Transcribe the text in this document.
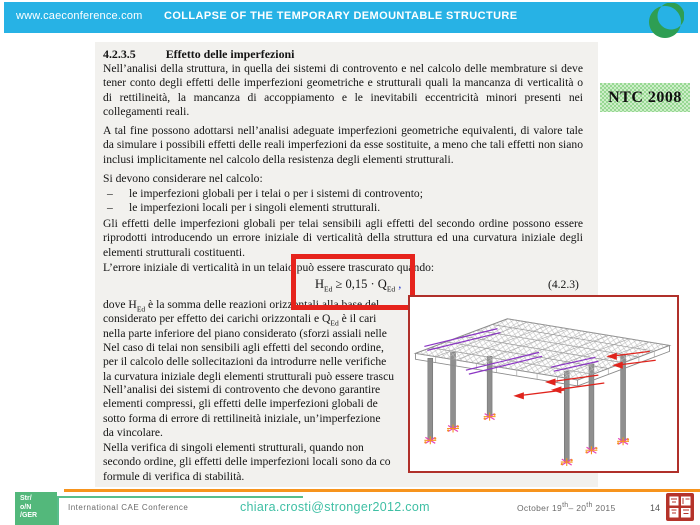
www.caeconference.com COLLAPSE OF THE TEMPORARY DEMOUNTABLE STRUCTURE
NTC 2008
4.2.3.5	Effetto delle imperfezioni
Nell’analisi della struttura, in quella dei sistemi di controvento e nel calcolo delle membrature si deve tener conto degli effetti delle imperfezioni geometriche e strutturali quali la mancanza di verticalità o di rettilineità, la mancanza di accoppiamento e le inevitabili eccentricità minori presenti nei collegamenti reali.
A tal fine possono adottarsi nell’analisi adeguate imperfezioni geometriche equivalenti, di valore tale da simulare i possibili effetti delle reali imperfezioni da esse sostituite, a meno che tali effetti non siano inclusi implicitamente nel calcolo della resistenza degli elementi strutturali.
Si devono considerare nel calcolo:
– le imperfezioni globali per i telai o per i sistemi di controvento;
– le imperfezioni locali per i singoli elementi strutturali.
Gli effetti delle imperfezioni globali per telai sensibili agli effetti del secondo ordine possono essere riprodotti introducendo un errore iniziale di verticalità della struttura ed una curvatura iniziale degli elementi strutturali costituenti.
L’errore iniziale di verticalità in un telaio può essere trascurato quando:
$H_{Ed} \ge 0,15 \cdot Q_{Ed}$ ,	(4.2.3)
dove $H_{Ed}$ è la somma delle reazioni orizzontali alla base del
considerato per effetto dei carichi orizzontali e $Q_{Ed}$ è il cari
nella parte inferiore del piano considerato (sforzi assiali nelle
Nel caso di telai non sensibili agli effetti del secondo ordine,
per il calcolo delle sollecitazioni da introdurre nelle verifiche
la curvatura iniziale degli elementi strutturali può essere trascu
Nell’analisi dei sistemi di controvento che devono garantire
elementi compressi, gli effetti delle imperfezioni globali de
sotto forma di errore di rettilineità iniziale, un’imperfezione
da vincolare.
Nella verifica di singoli elementi strutturali, quando non
secondo ordine, gli effetti delle imperfezioni locali sono da co
formule di verifica di stabilità.
Str/
o/N
/GER
International CAE Conference	chiara.crosti@stronger2012.com	October 19th– 20th 2015	14
